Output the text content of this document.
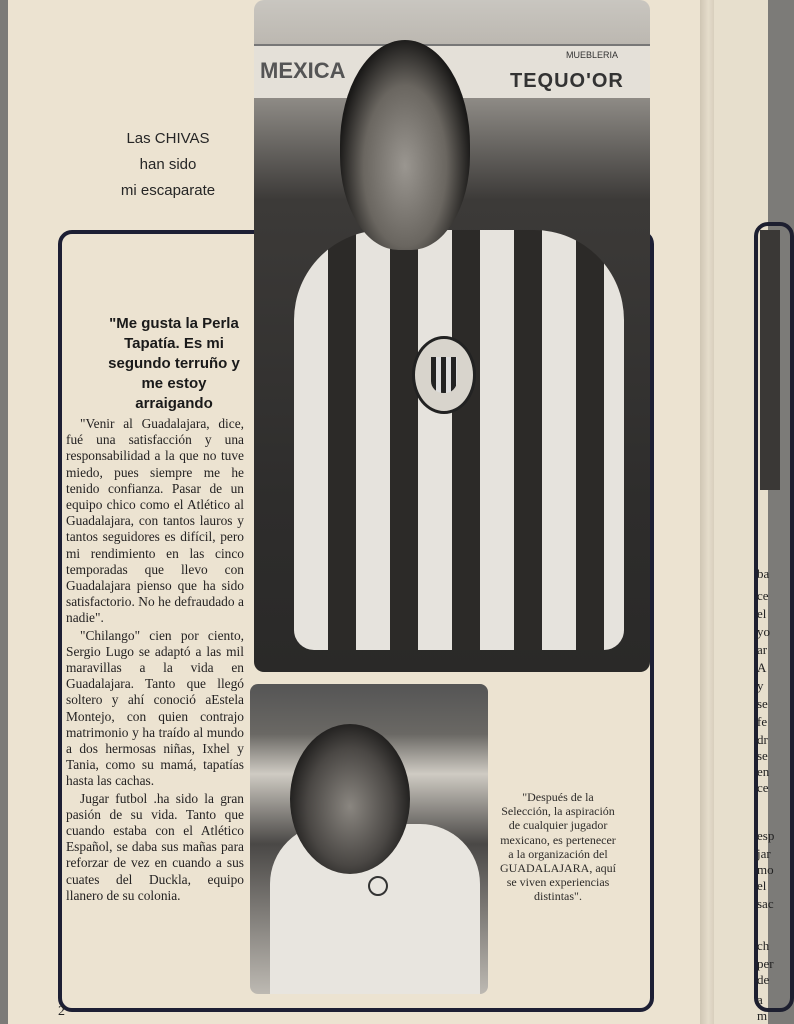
ba
ce
el
yo
ar
A
y
se
fe
dr
se
en
ce
esp
jar
mo
el
sac
ch
per
de
a m
Las CHIVAS
han sido
mi escaparate
MEXICA
MUEBLERIA
TEQUO'OR
"Me gusta la Perla Tapatía. Es mi segundo terruño y me estoy arraigando

"Venir al Guadalajara, dice, fué una satisfacción y una responsabilidad a la que no tuve miedo, pues siempre me he tenido confianza. Pasar de un equipo chico como el Atlético al Guadalajara, con tantos lauros y tantos seguidores es difícil, pero mi rendimiento en las cinco temporadas que llevo con Guadalajara pienso que ha sido satisfactorio. No he defraudado a nadie".

"Chilango" cien por ciento, Sergio Lugo se adaptó a las mil maravillas a la vida en Guadalajara. Tanto que llegó soltero y ahí conoció aEstela Montejo, con quien contrajo matrimonio y ha traído al mundo a dos hermosas niñas, Ixhel y Tania, como su mamá, tapatías hasta las cachas.

Jugar futbol .ha sido la gran pasión de su vida. Tanto que cuando estaba con el Atlético Español, se daba sus mañas para reforzar de vez en cuando a sus cuates del Duckla, equipo llanero de su colonia.

"Después de la Selección, la aspiración de cualquier jugador mexicano, es pertenecer a la organización del GUADALAJARA, aquí se viven experiencias distintas".
2
